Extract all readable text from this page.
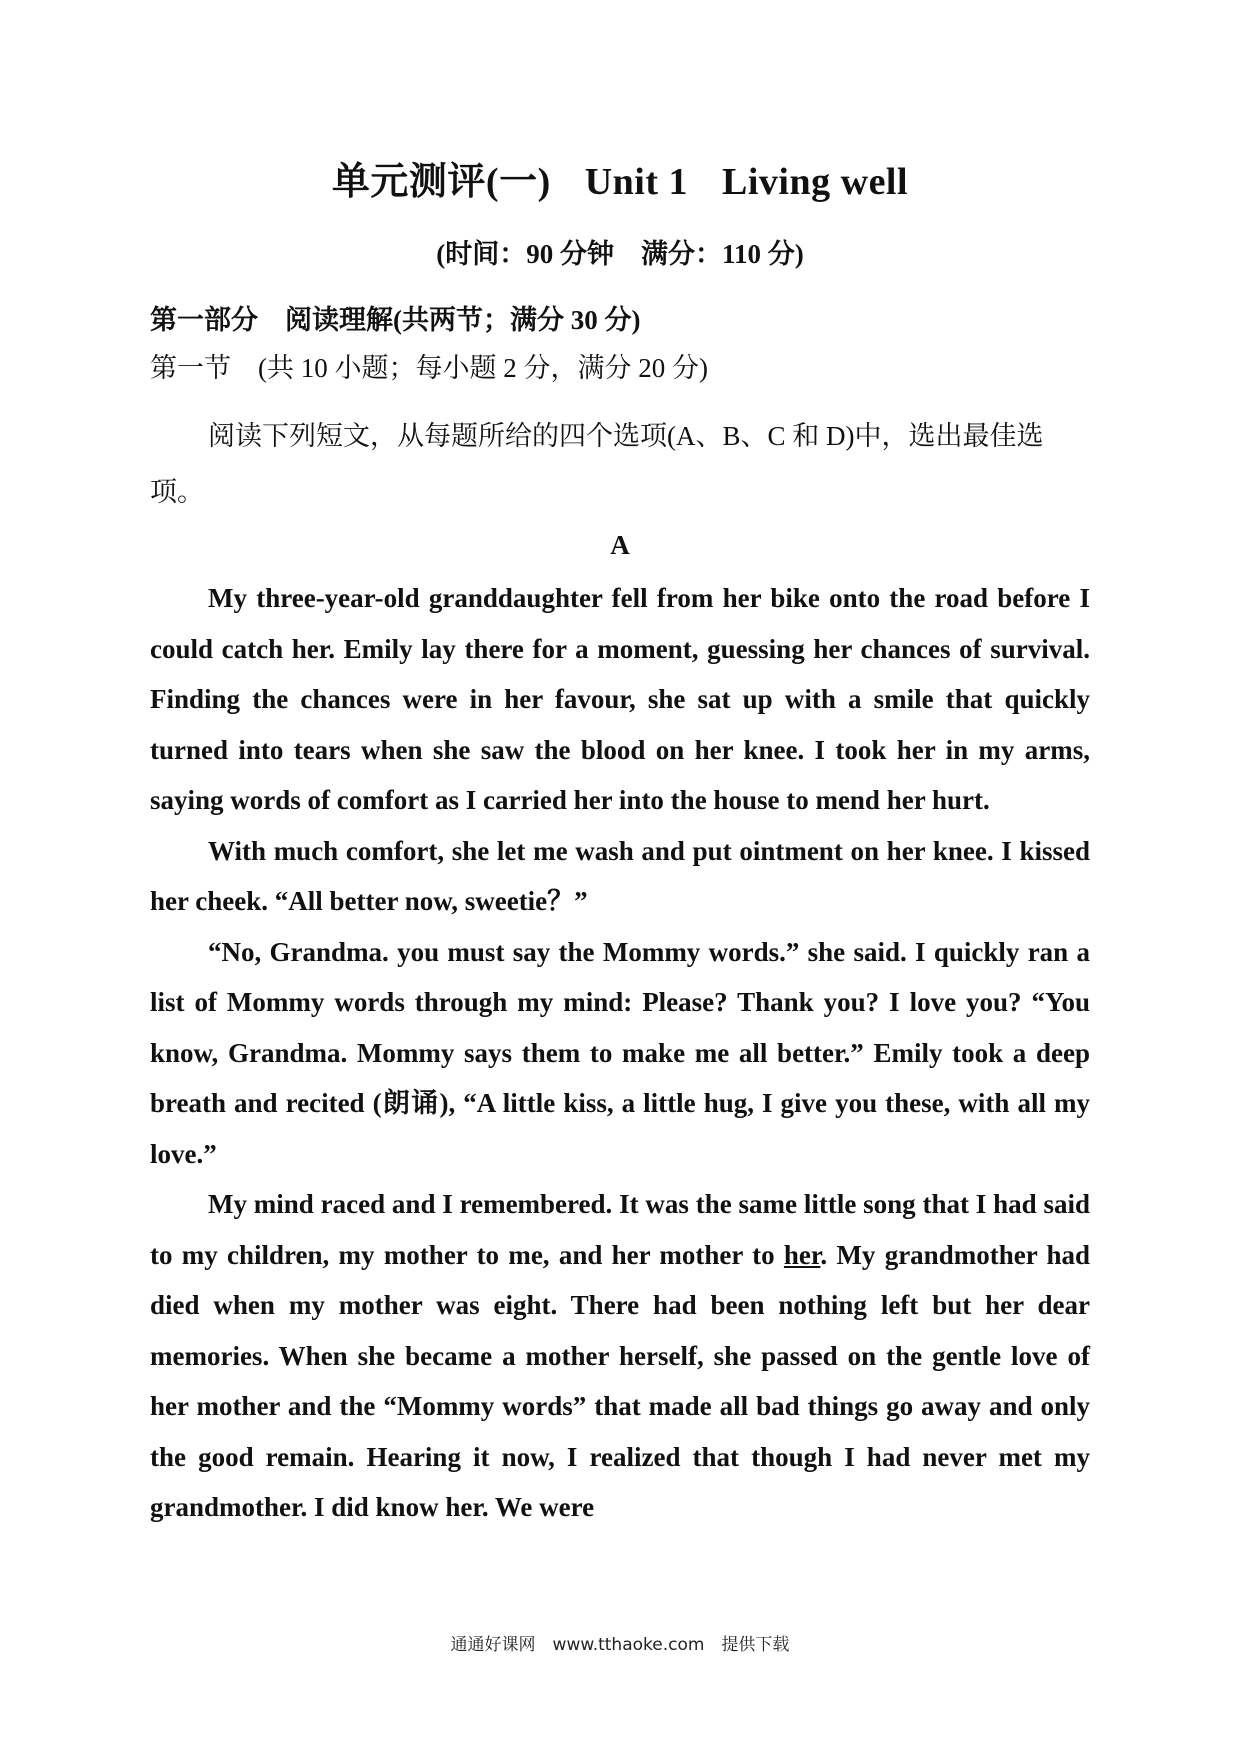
单元测评(一) Unit 1 Living well
(时间：90 分钟　满分：110 分)
第一部分　阅读理解(共两节；满分 30 分)
第一节　(共 10 小题；每小题 2 分，满分 20 分)
阅读下列短文，从每题所给的四个选项(A、B、C 和 D)中，选出最佳选项。
A

My three-year-old granddaughter fell from her bike onto the road before I could catch her. Emily lay there for a moment, guessing her chances of survival. Finding the chances were in her favour, she sat up with a smile that quickly turned into tears when she saw the blood on her knee. I took her in my arms, saying words of comfort as I carried her into the house to mend her hurt.

With much comfort, she let me wash and put ointment on her knee. I kissed her cheek. “All better now, sweetie？”

“No, Grandma. you must say the Mommy words.” she said. I quickly ran a list of Mommy words through my mind: Please? Thank you? I love you? “You know, Grandma. Mommy says them to make me all better.” Emily took a deep breath and recited (朗诵), “A little kiss, a little hug, I give you these, with all my love.”

My mind raced and I remembered. It was the same little song that I had said to my children, my mother to me, and her mother to her. My grandmother had died when my mother was eight. There had been nothing left but her dear memories. When she became a mother herself, she passed on the gentle love of her mother and the “Mommy words” that made all bad things go away and only the good remain. Hearing it now, I realized that though I had never met my grandmother. I did know her. We were

通通好课网　www.tthaoke.com　提供下载
